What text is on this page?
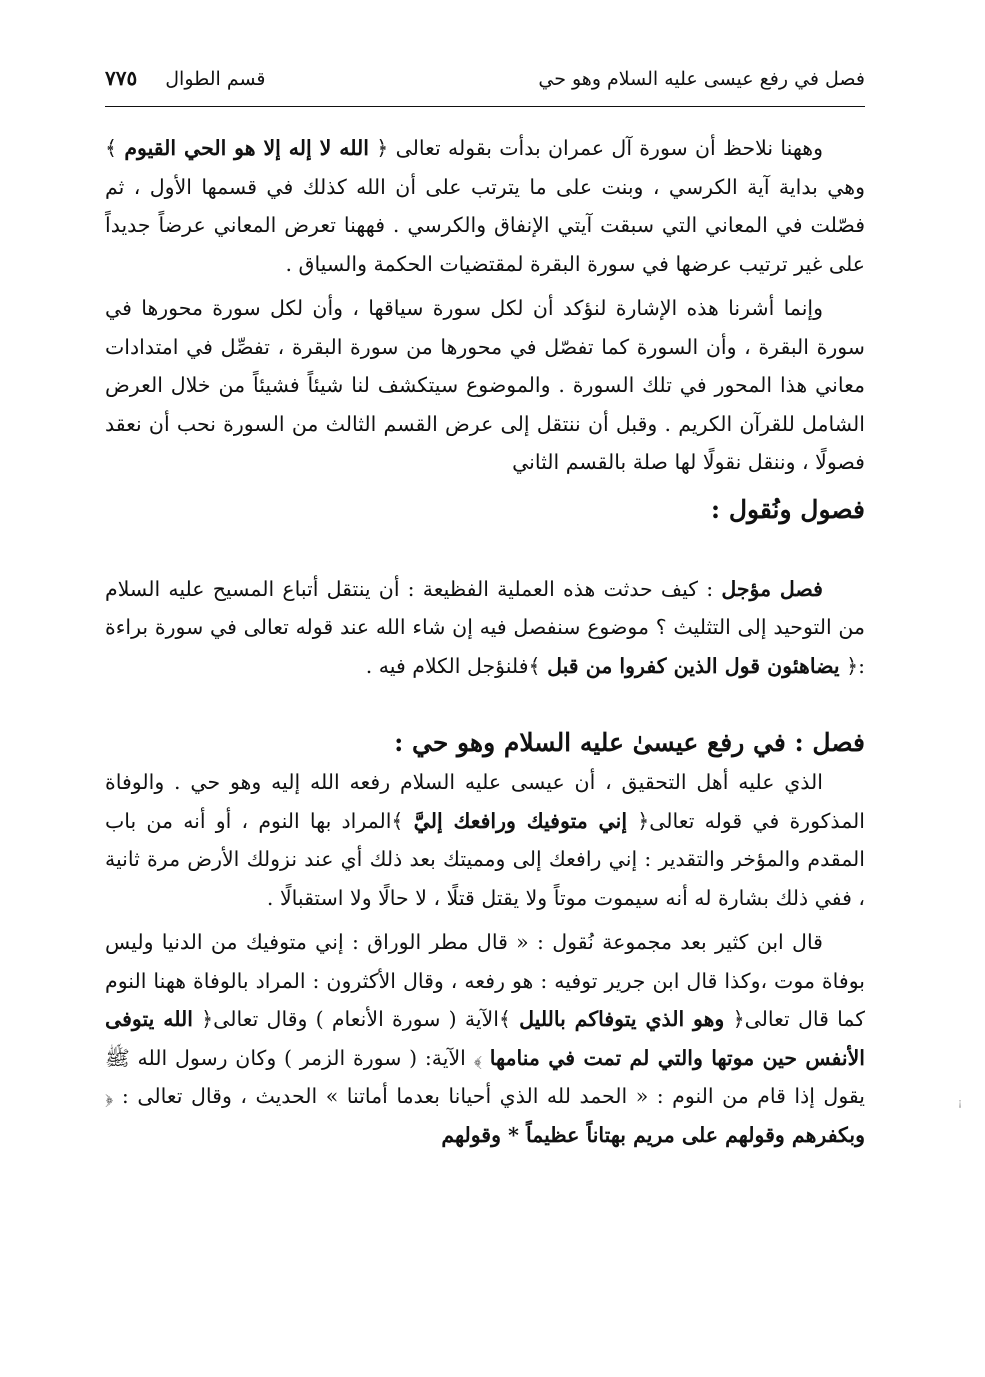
فصل في رفع عيسى عليه السلام وهو حي
قسم الطوال
٧٧٥

وههنا نلاحظ أن سورة آل عمران بدأت بقوله تعالى ﴿ الله لا إله إلا هو الحي القيوم ﴾ وهي بداية آية الكرسي ، وبنت على ما يترتب على أن الله كذلك في قسمها الأول ، ثم فصّلت في المعاني التي سبقت آيتي الإنفاق والكرسي . فههنا تعرض المعاني عرضاً جديداً على غير ترتيب عرضها في سورة البقرة لمقتضيات الحكمة والسياق .

وإنما أشرنا هذه الإشارة لنؤكد أن لكل سورة سياقها ، وأن لكل سورة محورها في سورة البقرة ، وأن السورة كما تفصّل في محورها من سورة البقرة ، تفصِّل في امتدادات معاني هذا المحور في تلك السورة . والموضوع سيتكشف لنا شيئاً فشيئاً من خلال العرض الشامل للقرآن الكريم . وقبل أن ننتقل إلى عرض القسم الثالث من السورة نحب أن نعقد فصولًا ، وننقل نقولًا لها صلة بالقسم الثاني

فصول ونُقول :

فصل مؤجل : كيف حدثت هذه العملية الفظيعة : أن ينتقل أتباع المسيح عليه السلام من التوحيد إلى التثليث ؟ موضوع سنفصل فيه إن شاء الله عند قوله تعالى في سورة براءة :﴿ يضاهئون قول الذين كفروا من قبل ﴾فلنؤجل الكلام فيه .

فصل : في رفع عيسىٰ عليه السلام وهو حي :

الذي عليه أهل التحقيق ، أن عيسى عليه السلام رفعه الله إليه وهو حي . والوفاة المذكورة في قوله تعالى﴿ إني متوفيك ورافعك إليَّ ﴾المراد بها النوم ، أو أنه من باب المقدم والمؤخر والتقدير : إني رافعك إلى ومميتك بعد ذلك أي عند نزولك الأرض مرة ثانية ، ففي ذلك بشارة له أنه سيموت موتاً ولا يقتل قتلًا ، لا حالًا ولا استقبالًا .

قال ابن كثير بعد مجموعة نُقول : « قال مطر الوراق : إني متوفيك من الدنيا وليس بوفاة موت ،وكذا قال ابن جرير توفيه : هو رفعه ، وقال الأكثرون : المراد بالوفاة ههنا النوم كما قال تعالى﴿ وهو الذي يتوفاكم بالليل ﴾الآية ( سورة الأنعام ) وقال تعالى﴿ الله يتوفى الأنفس حين موتها والتي لم تمت في منامها ﴾ الآية: ( سورة الزمر ) وكان رسول الله ﷺ يقول إذا قام من النوم : « الحمد لله الذي أحيانا بعدما أماتنا » الحديث ، وقال تعالى : ﴿ وبكفرهم وقولهم على مريم بهتاناً عظيماً * وقولهم

¡
